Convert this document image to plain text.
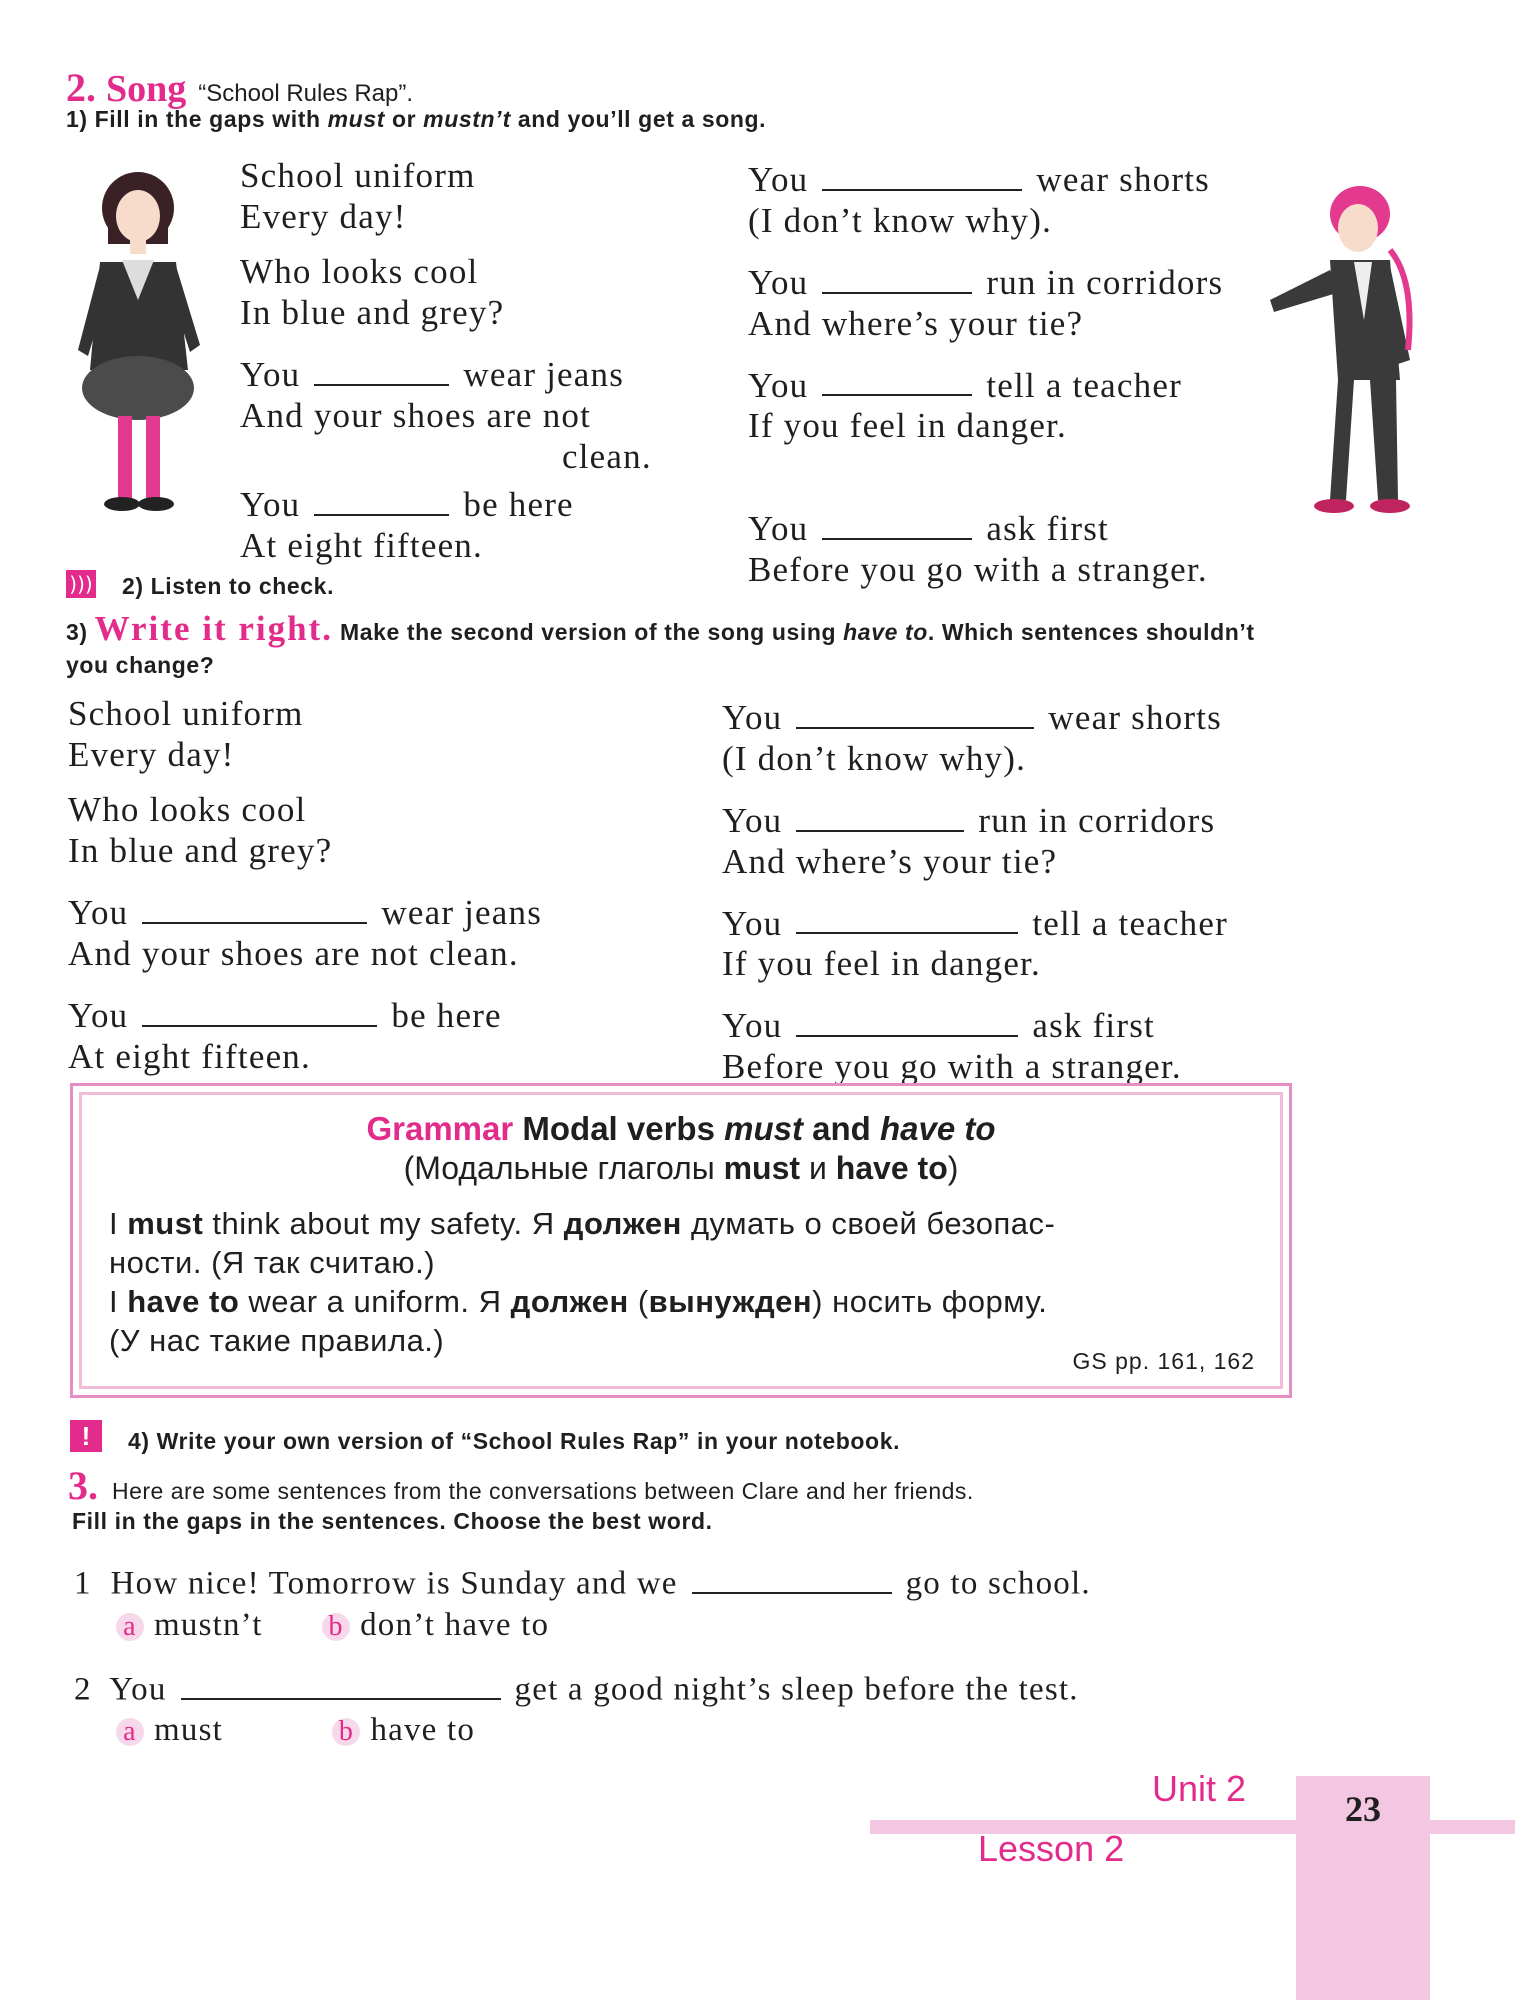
2. Song “School Rules Rap”.
1) Fill in the gaps with must or mustn’t and you’ll get a song.
School uniform
Every day!
Who looks cool
In blue and grey?
You	wear jeans
And your shoes are not
clean.
You	be here
At eight fifteen.
You	wear shorts
(I don’t know why).
You	run in corridors
And where’s your tie?
You	tell a teacher
If you feel in danger.
You	ask first
Before you go with a stranger.
))) 2) Listen to check.
3) Write it right. Make the second version of the song using have to. Which sentences shouldn’t you change?
School uniform
Every day!
Who looks cool
In blue and grey?
You	wear jeans
And your shoes are not clean.
You	be here
At eight fifteen.
You	wear shorts
(I don’t know why).
You	run in corridors
And where’s your tie?
You	tell a teacher
If you feel in danger.
You	ask first
Before you go with a stranger.
Grammar Modal verbs must and have to
(Модальные глаголы must и have to)
I must think about my safety. Я должен думать о своей безопас-
ности. (Я так считаю.)
I have to wear a uniform. Я должен (вынужден) носить форму.
(У нас такие правила.)
GS pp. 161, 162
!	4) Write your own version of “School Rules Rap” in your notebook.
3. Here are some sentences from the conversations between Clare and her friends.
Fill in the gaps in the sentences. Choose the best word.
1 How nice! Tomorrow is Sunday and we	go to school.
a mustn’t b don’t have to
2 You	get a good night’s sleep before the test.
a must	b have to
Unit 2
Lesson 2
23
